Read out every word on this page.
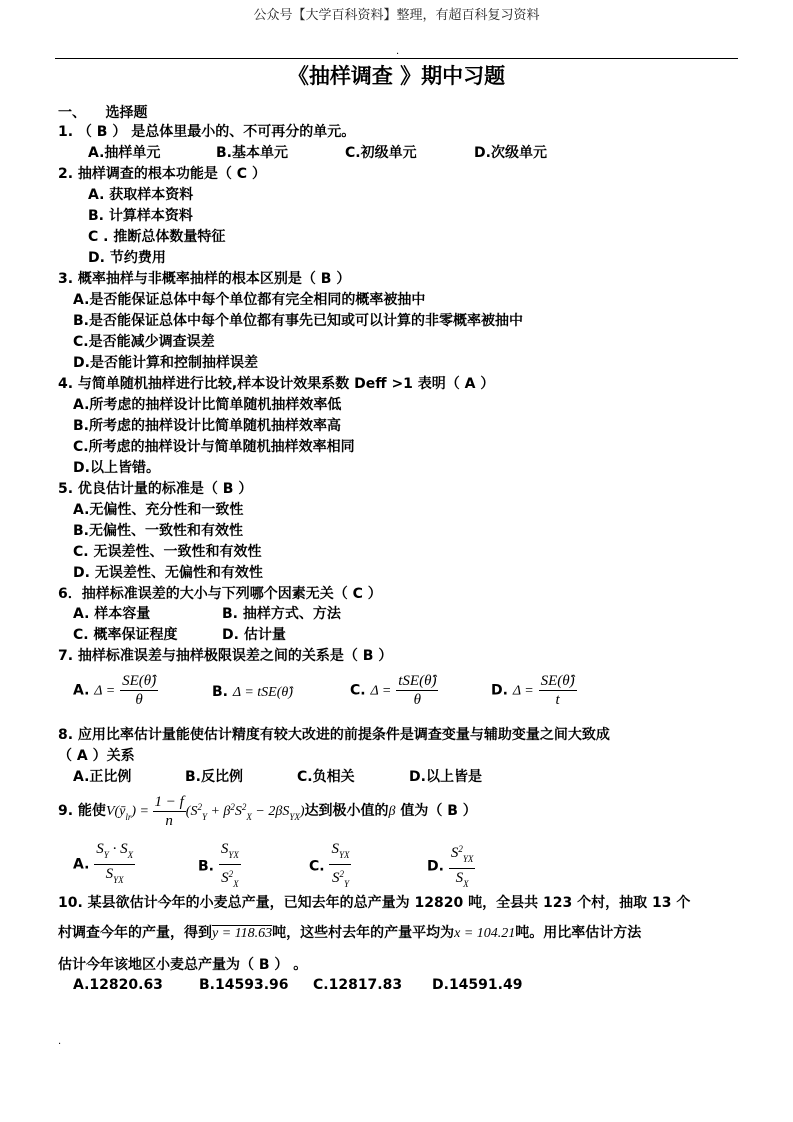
公众号【大学百科资料】整理，有超百科复习资料
.
《抽样调查 》期中习题
一、    选择题
1. （ B ） 是总体里最小的、不可再分的单元。
A.抽样单元	B.基本单元	C.初级单元	D.次级单元
2. 抽样调查的根本功能是（ C ）
A. 获取样本资料
B. 计算样本资料
C . 推断总体数量特征
D. 节约费用
3. 概率抽样与非概率抽样的根本区别是（ B ）
A.是否能保证总体中每个单位都有完全相同的概率被抽中
B.是否能保证总体中每个单位都有事先已知或可以计算的非零概率被抽中
C.是否能减少调查误差
D.是否能计算和控制抽样误差
4. 与简单随机抽样进行比较,样本设计效果系数 Deff >1 表明（ A ）
A.所考虑的抽样设计比简单随机抽样效率低
B.所考虑的抽样设计比简单随机抽样效率高
C.所考虑的抽样设计与简单随机抽样效率相同
D.以上皆错。
5. 优良估计量的标准是（ B ）
A.无偏性、充分性和一致性
B.无偏性、一致性和有效性
C. 无误差性、一致性和有效性
D. 无误差性、无偏性和有效性
6．抽样标准误差的大小与下列哪个因素无关（ C ）
A. 样本容量	B. 抽样方式、方法
C. 概率保证程度	D. 估计量
7. 抽样标准误差与抽样极限误差之间的关系是（ B ）
A. $\Delta = \frac{SE(\thetâ)}{\theta}$	B. Δ = tSE(θ̂)	C. $\Delta = \frac{\text{tSE(θ̂)}}{\theta}$	D. $\Delta = \frac{SE(\thetâ)}{t}$
8. 应用比率估计量能使估计精度有较大改进的前提条件是调查变量与辅助变量之间大致成
（ A ）关系
A.正比例	B.反比例	C.负相关	D.以上皆是
9. 能使$V(ȳ_{lr}) = \frac{1 - f}{n} (S^2_Y + \beta^2S^2_X - 2\beta S_{YX})$达到极小值的β 值为（ B ）
A. $\frac{S_Y \cdot S_X}{S_{YX}}$	B. $\frac{S_{YX}}{S^2_X}$	C. $\frac{S_{YX}}{S^2_Y}$	D. $\frac{S^2_{YX}}{S_X}$
10. 某县欲估计今年的小麦总产量，已知去年的总产量为 12820 吨，全县共 123 个村，抽取 13 个
村调查今年的产量，得到y = 118.63吨，这些村去年的产量平均为x = 104.21吨。用比率估计方法
估计今年该地区小麦总产量为（ B ） 。
A.12820.63	B.14593.96 C.12817.83 D.14591.49
.
